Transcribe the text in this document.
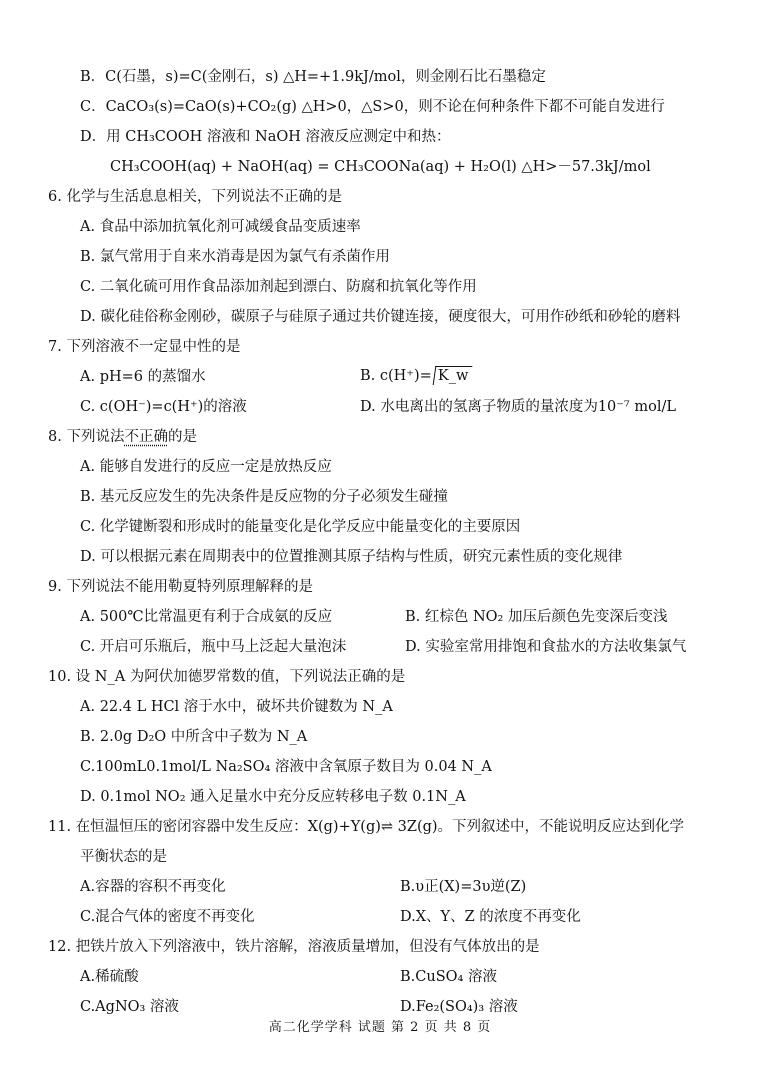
B．C(石墨，s)=C(金刚石，s) △H=+1.9kJ/mol，则金刚石比石墨稳定
C．CaCO₃(s)=CaO(s)+CO₂(g) △H>0，△S>0，则不论在何种条件下都不可能自发进行
D．用 CH₃COOH 溶液和 NaOH 溶液反应测定中和热：
CH₃COOH(aq) + NaOH(aq) = CH₃COONa(aq) + H₂O(l) △H>－57.3kJ/mol
6. 化学与生活息息相关，下列说法不正确的是
A. 食品中添加抗氧化剂可减缓食品变质速率
B. 氯气常用于自来水消毒是因为氯气有杀菌作用
C. 二氧化硫可用作食品添加剂起到漂白、防腐和抗氧化等作用
D. 碳化硅俗称金刚砂，碳原子与硅原子通过共价键连接，硬度很大，可用作砂纸和砂轮的磨料
7. 下列溶液不一定显中性的是
A. pH=6 的蒸馏水	B. c(H⁺)= K_w
C. c(OH⁻)=c(H⁺)的溶液	D. 水电离出的氢离子物质的量浓度为10⁻⁷ mol/L
8. 下列说法不正确的是
A. 能够自发进行的反应一定是放热反应
B. 基元反应发生的先决条件是反应物的分子必须发生碰撞
C. 化学键断裂和形成时的能量变化是化学反应中能量变化的主要原因
D. 可以根据元素在周期表中的位置推测其原子结构与性质，研究元素性质的变化规律
9. 下列说法不能用勒夏特列原理解释的是
A. 500℃比常温更有利于合成氨的反应	B. 红棕色 NO₂ 加压后颜色先变深后变浅
C. 开启可乐瓶后，瓶中马上泛起大量泡沫	D. 实验室常用排饱和食盐水的方法收集氯气
10. 设 N_A 为阿伏加德罗常数的值，下列说法正确的是
A. 22.4 L HCl 溶于水中，破坏共价键数为 N_A
B. 2.0g D₂O 中所含中子数为 N_A
C.100mL0.1mol/L Na₂SO₄ 溶液中含氧原子数目为 0.04 N_A
D. 0.1mol NO₂ 通入足量水中充分反应转移电子数 0.1N_A
11. 在恒温恒压的密闭容器中发生反应：X(g)+Y(g)⇌ 3Z(g)。下列叙述中，不能说明反应达到化学
平衡状态的是
A.容器的容积不再变化	B.υ正(X)=3υ逆(Z)
C.混合气体的密度不再变化	D.X、Y、Z 的浓度不再变化
12. 把铁片放入下列溶液中，铁片溶解，溶液质量增加，但没有气体放出的是
A.稀硫酸	B.CuSO₄ 溶液
C.AgNO₃ 溶液	D.Fe₂(SO₄)₃ 溶液
高二化学学科 试题 第 2 页 共 8 页
